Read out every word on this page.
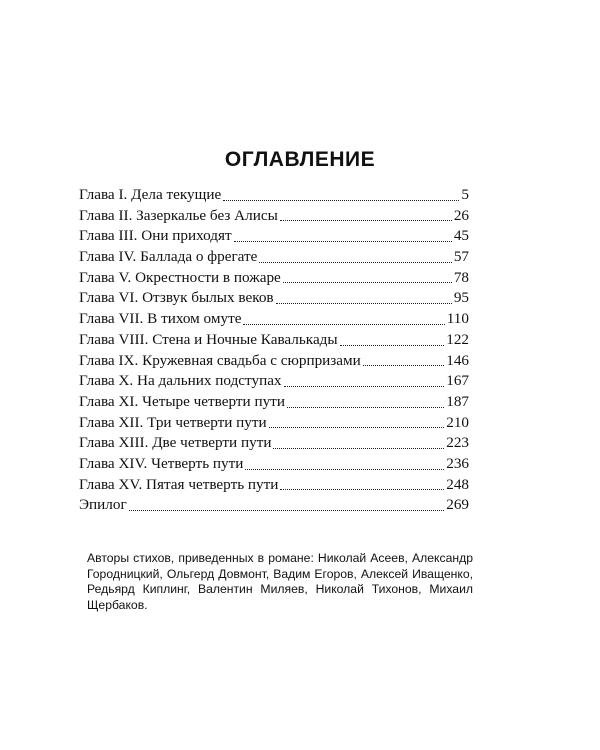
ОГЛАВЛЕНИЕ
Глава I. Дела текущие	5
Глава II. Зазеркалье без Алисы	26
Глава III. Они приходят	45
Глава IV. Баллада о фрегате	57
Глава V. Окрестности в пожаре	78
Глава VI. Отзвук былых веков	95
Глава VII. В тихом омуте	110
Глава VIII. Стена и Ночные Кавалькады	122
Глава IX. Кружевная свадьба с сюрпризами	146
Глава X. На дальних подступах	167
Глава XI. Четыре четверти пути	187
Глава XII. Три четверти пути	210
Глава XIII. Две четверти пути	223
Глава XIV. Четверть пути	236
Глава XV. Пятая четверть пути	248
Эпилог	269
Авторы стихов, приведенных в романе: Николай Асеев, Александр Городницкий, Ольгерд Довмонт, Вадим Егоров, Алексей Иващенко, Редьярд Киплинг, Валентин Миляев, Николай Тихонов, Михаил Щербаков.
